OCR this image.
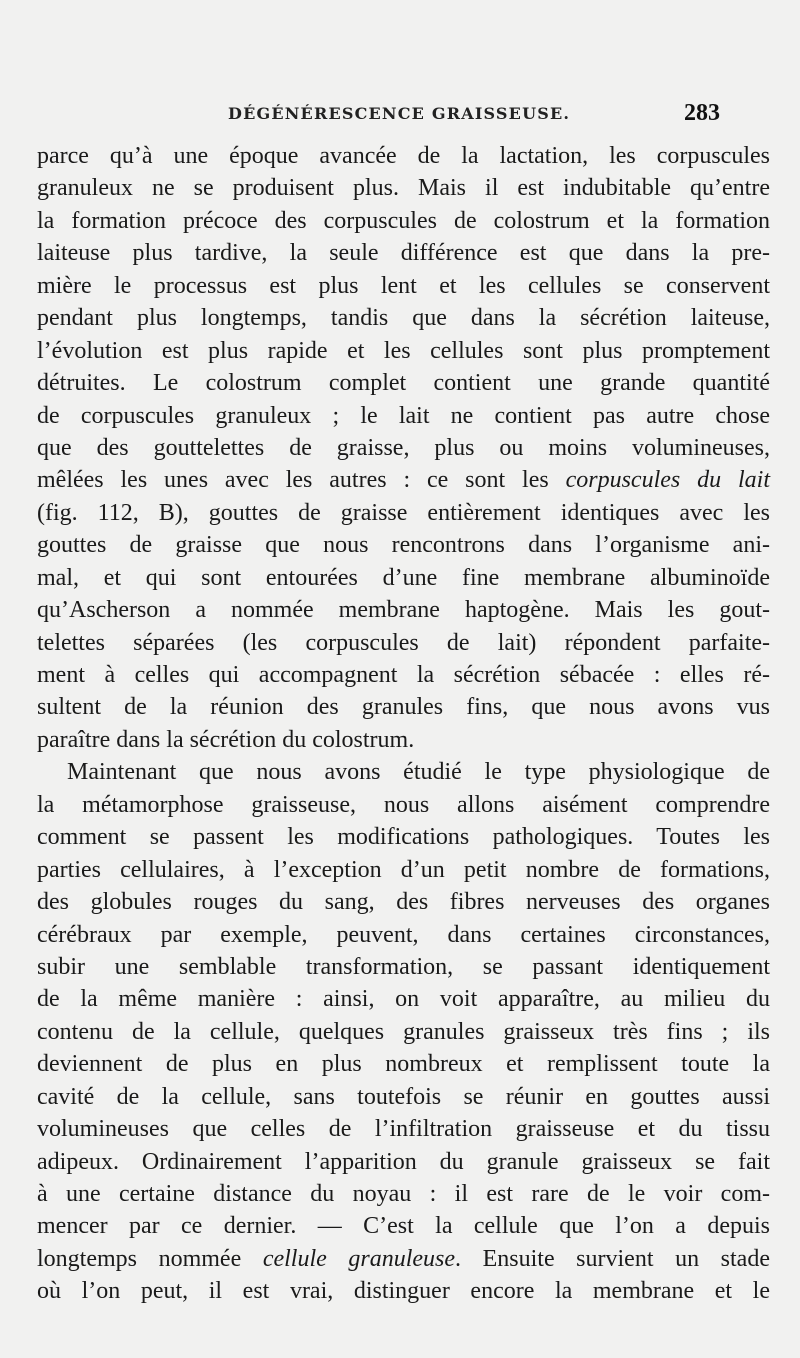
DÉGÉNÉRESCENCE GRAISSEUSE.	283
parce qu’à une époque avancée de la lactation, les corpuscules
granuleux ne se produisent plus. Mais il est indubitable qu’entre
la formation précoce des corpuscules de colostrum et la formation
laiteuse plus tardive, la seule différence est que dans la pre-
mière le processus est plus lent et les cellules se conservent
pendant plus longtemps, tandis que dans la sécrétion laiteuse,
l’évolution est plus rapide et les cellules sont plus promptement
détruites. Le colostrum complet contient une grande quantité
de corpuscules granuleux ; le lait ne contient pas autre chose
que des gouttelettes de graisse, plus ou moins volumineuses,
mêlées les unes avec les autres : ce sont les corpuscules du lait
(fig. 112, B), gouttes de graisse entièrement identiques avec les
gouttes de graisse que nous rencontrons dans l’organisme ani-
mal, et qui sont entourées d’une fine membrane albuminoïde
qu’Ascherson a nommée membrane haptogène. Mais les gout-
telettes séparées (les corpuscules de lait) répondent parfaite-
ment à celles qui accompagnent la sécrétion sébacée : elles ré-
sultent de la réunion des granules fins, que nous avons vus
paraître dans la sécrétion du colostrum.
Maintenant que nous avons étudié le type physiologique de
la métamorphose graisseuse, nous allons aisément comprendre
comment se passent les modifications pathologiques. Toutes les
parties cellulaires, à l’exception d’un petit nombre de formations,
des globules rouges du sang, des fibres nerveuses des organes
cérébraux par exemple, peuvent, dans certaines circonstances,
subir une semblable transformation, se passant identiquement
de la même manière : ainsi, on voit apparaître, au milieu du
contenu de la cellule, quelques granules graisseux très fins ; ils
deviennent de plus en plus nombreux et remplissent toute la
cavité de la cellule, sans toutefois se réunir en gouttes aussi
volumineuses que celles de l’infiltration graisseuse et du tissu
adipeux. Ordinairement l’apparition du granule graisseux se fait
à une certaine distance du noyau : il est rare de le voir com-
mencer par ce dernier. — C’est la cellule que l’on a depuis
longtemps nommée cellule granuleuse. Ensuite survient un stade
où l’on peut, il est vrai, distinguer encore la membrane et le
